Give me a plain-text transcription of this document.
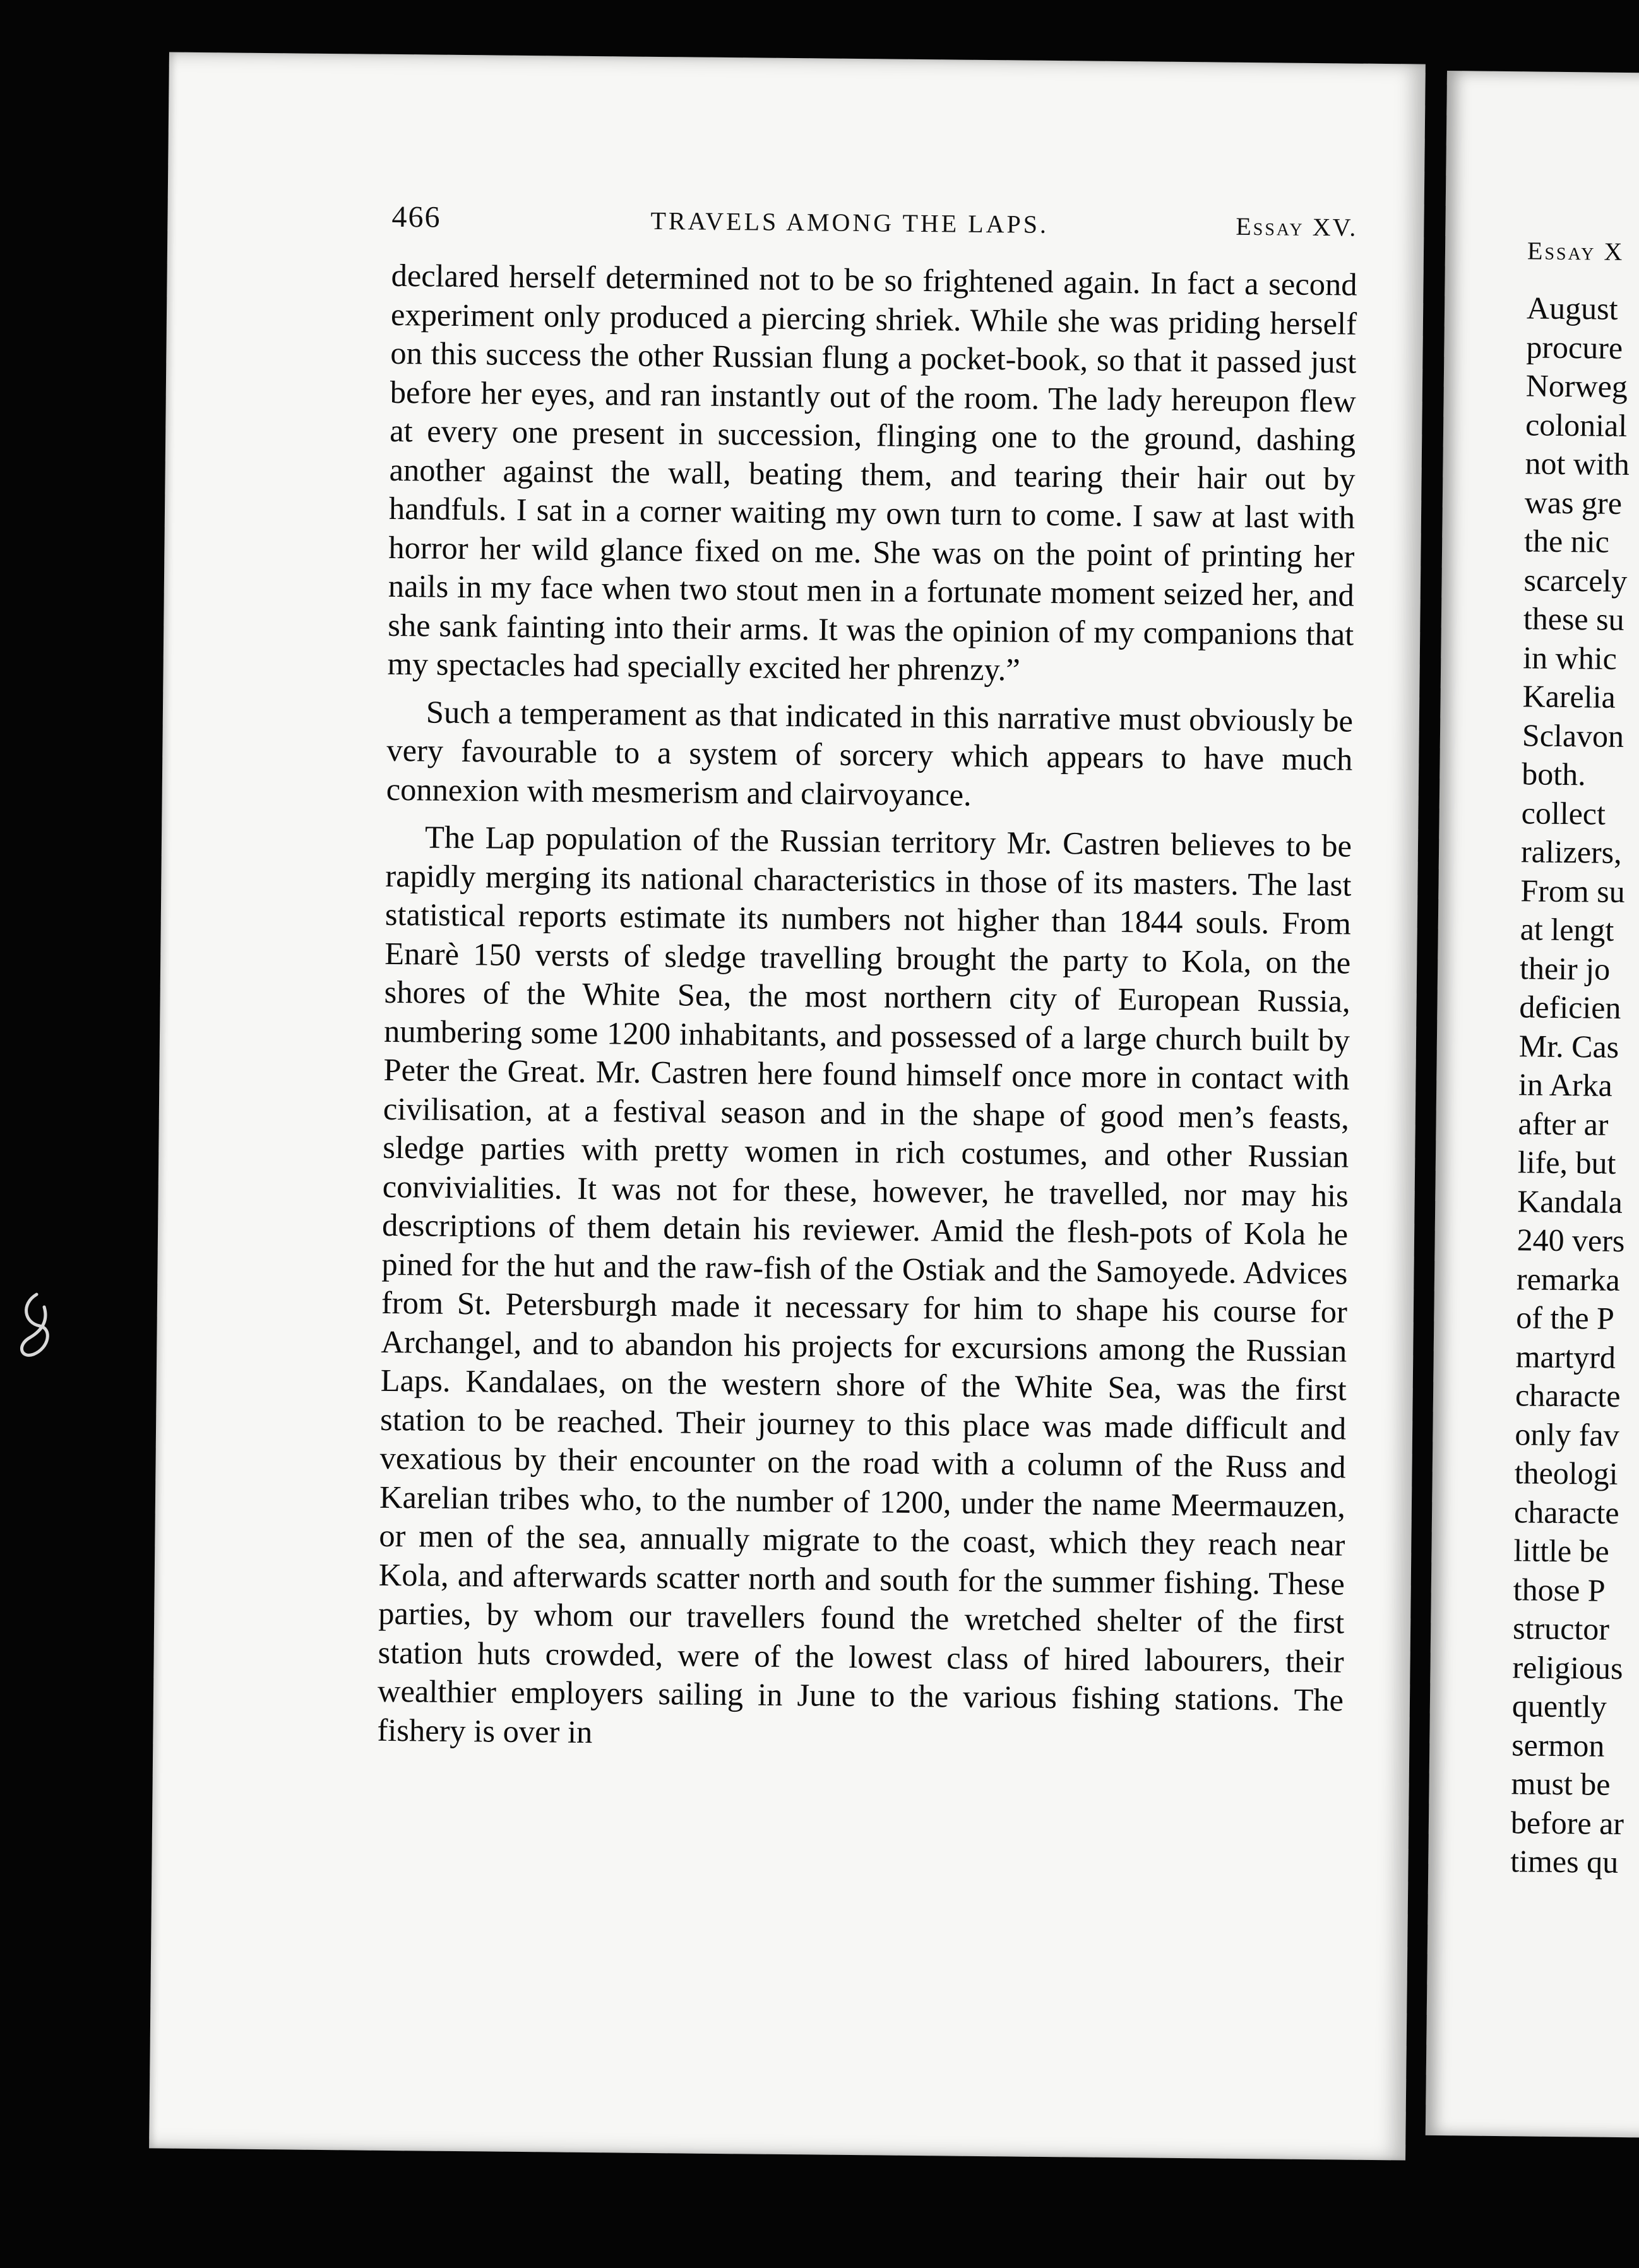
466	TRAVELS AMONG THE LAPS.	Essay XV.

declared herself determined not to be so frightened again. In fact a second experiment only produced a piercing shriek. While she was priding herself on this success the other Russian flung a pocket-book, so that it passed just before her eyes, and ran instantly out of the room. The lady hereupon flew at every one present in succession, flinging one to the ground, dashing another against the wall, beating them, and tearing their hair out by handfuls. I sat in a corner waiting my own turn to come. I saw at last with horror her wild glance fixed on me. She was on the point of printing her nails in my face when two stout men in a fortunate moment seized her, and she sank fainting into their arms. It was the opinion of my companions that my spectacles had specially excited her phrenzy.”

Such a temperament as that indicated in this narrative must obviously be very favourable to a system of sorcery which appears to have much connexion with mesmerism and clairvoyance.

The Lap population of the Russian territory Mr. Castren believes to be rapidly merging its national characteristics in those of its masters. The last statistical reports estimate its numbers not higher than 1844 souls. From Enarè 150 versts of sledge travelling brought the party to Kola, on the shores of the White Sea, the most northern city of European Russia, numbering some 1200 inhabitants, and possessed of a large church built by Peter the Great. Mr. Castren here found himself once more in contact with civilisation, at a festival season and in the shape of good men’s feasts, sledge parties with pretty women in rich costumes, and other Russian convivialities. It was not for these, however, he travelled, nor may his descriptions of them detain his reviewer. Amid the flesh-pots of Kola he pined for the hut and the raw-fish of the Ostiak and the Samoyede. Advices from St. Petersburgh made it necessary for him to shape his course for Archangel, and to abandon his projects for excursions among the Russian Laps. Kandalaes, on the western shore of the White Sea, was the first station to be reached. Their journey to this place was made difficult and vexatious by their encounter on the road with a column of the Russ and Karelian tribes who, to the number of 1200, under the name Meermauzen, or men of the sea, annually migrate to the coast, which they reach near Kola, and afterwards scatter north and south for the summer fishing. These parties, by whom our travellers found the wretched shelter of the first station huts crowded, were of the lowest class of hired labourers, their wealthier employers sailing in June to the various fishing stations. The fishery is over in

Essay X
August
procure
Norweg
colonial
not with
was gre
the nic
scarcely
these su
in whic
Karelia
Sclavon
both.
collect
ralizers,
From su
at lengt
their jo
deficien
Mr. Cas
in Arka
after ar
life, but
Kandala
240 vers
remarka
of the P
martyrd
characte
only fav
theologi
characte
little be
those P
structor
religious
quently
sermon
must be
before ar
times qu
